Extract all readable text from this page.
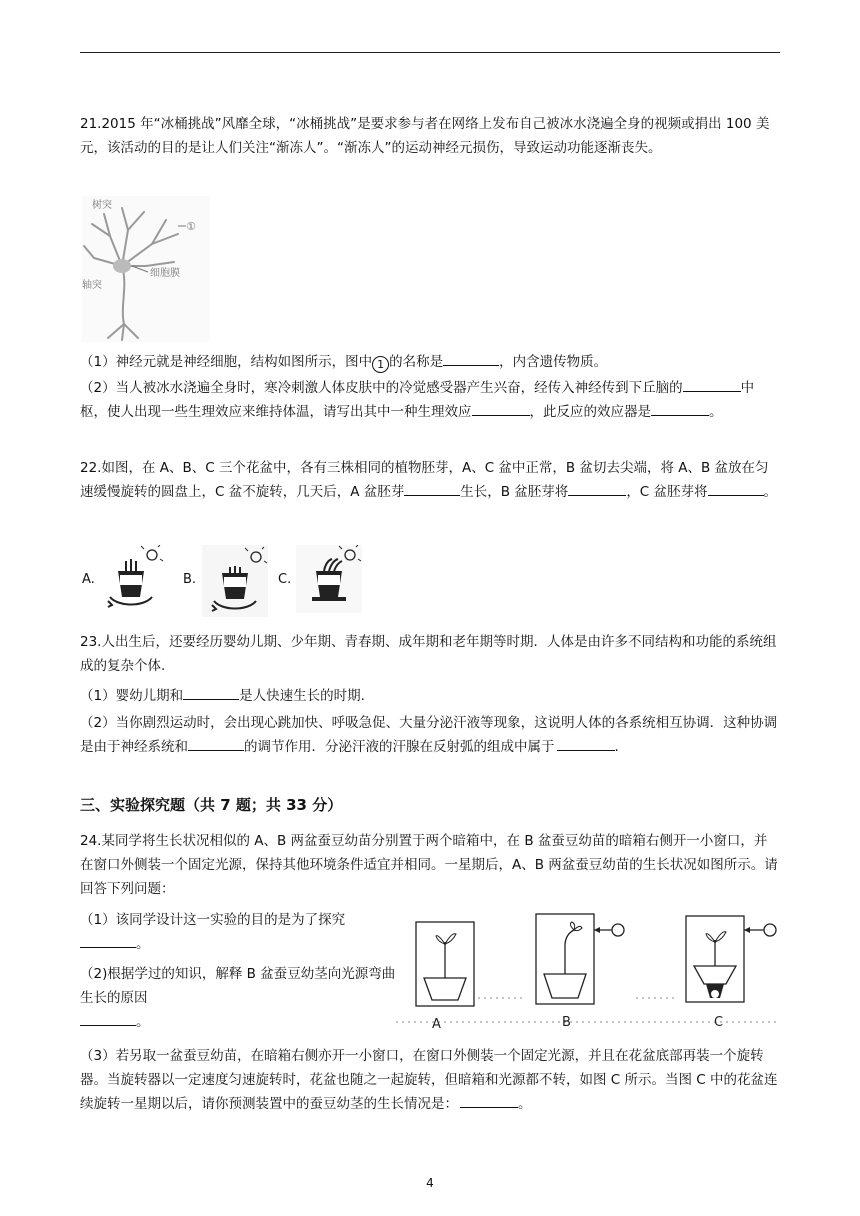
21.2015 年“冰桶挑战”风靡全球，“冰桶挑战”是要求参与者在网络上发布自己被冰水浇遍全身的视频或捐出 100 美元，该活动的目的是让人们关注“渐冻人”。“渐冻人”的运动神经元损伤，导致运动功能逐渐丧失。

树突
①
细胞膜
轴突

（1）神经元就是神经细胞，结构如图所示，图中 1 的名称是	，内含遗传物质。

（2）当人被冰水浇遍全身时，寒冷刺激人体皮肤中的冷觉感受器产生兴奋，经传入神经传到下丘脑的	中枢，使人出现一些生理效应来维持体温，请写出其中一种生理效应	，此反应的效应器是	。

22.如图，在 A、B、C 三个花盆中，各有三株相同的植物胚芽，A、C 盆中正常，B 盆切去尖端，将 A、B 盆放在匀速缓慢旋转的圆盘上，C 盆不旋转，几天后，A 盆胚芽	生长，B 盆胚芽将	，C 盆胚芽将	。

A.	B.	C.

23.人出生后，还要经历婴幼儿期、少年期、青春期、成年期和老年期等时期．人体是由许多不同结构和功能的系统组成的复杂个体.

（1）婴幼儿期和	是人快速生长的时期.

（2）当你剧烈运动时，会出现心跳加快、呼吸急促、大量分泌汗液等现象，这说明人体的各系统相互协调．这种协调是由于神经系统和	的调节作用．分泌汗液的汗腺在反射弧的组成中属于	.

三、实验探究题（共 7 题；共 33 分）

24.某同学将生长状况相似的 A、B 两盆蚕豆幼苗分别置于两个暗箱中，在 B 盆蚕豆幼苗的暗箱右侧开一小窗口，并在窗口外侧装一个固定光源，保持其他环境条件适宜并相同。一星期后，A、B 两盆蚕豆幼苗的生长状况如图所示。请回答下列问题：

（1）该同学设计这一实验的目的是为了探究
。

（2)根据学过的知识，解释 B 盆蚕豆幼茎向光源弯曲生长的原因
。	A	B	C

（3）若另取一盆蚕豆幼苗，在暗箱右侧亦开一小窗口，在窗口外侧装一个固定光源，并且在花盆底部再装一个旋转器。当旋转器以一定速度匀速旋转时，花盆也随之一起旋转，但暗箱和光源都不转，如图 C 所示。当图 C 中的花盆连续旋转一星期以后，请你预测装置中的蚕豆幼茎的生长情况是：	。

4
